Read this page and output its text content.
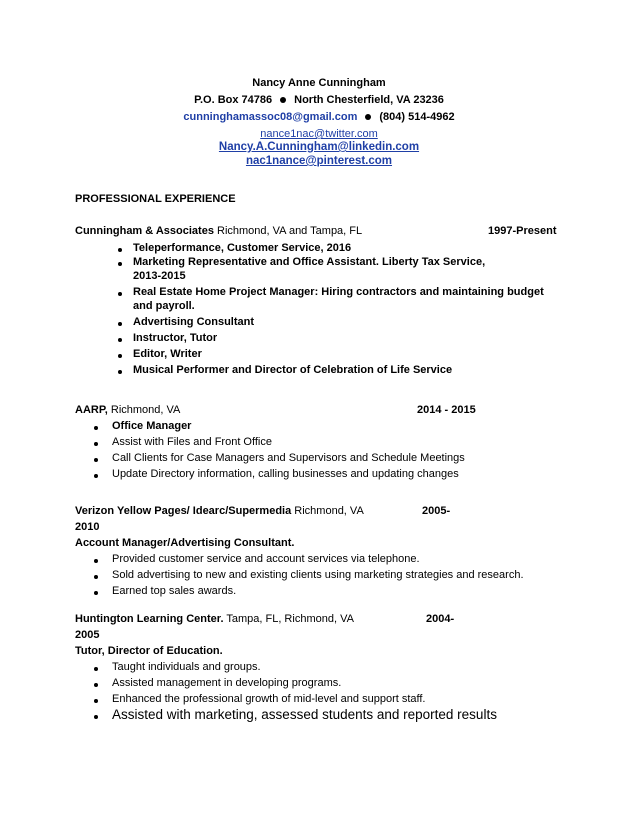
Nancy Anne Cunningham
P.O. Box 74786 North Chesterfield, VA 23236
cunninghamassoc08@gmail.com (804) 514-4962
nance1nac@twitter.com
Nancy.A.Cunningham@linkedin.com
nac1nance@pinterest.com
PROFESSIONAL EXPERIENCE
Cunningham & Associates Richmond, VA and Tampa, FL	1997-Present
Teleperformance, Customer Service, 2016
Marketing Representative and Office Assistant. Liberty Tax Service,
2013-2015
Real Estate Home Project Manager: Hiring contractors and maintaining budget
and payroll.
Advertising Consultant
Instructor, Tutor
Editor, Writer
Musical Performer and Director of Celebration of Life Service
AARP, Richmond, VA	2014 - 2015
Office Manager
Assist with Files and Front Office
Call Clients for Case Managers and Supervisors and Schedule Meetings
Update Directory information, calling businesses and updating changes
Verizon Yellow Pages/ Idearc/Supermedia Richmond, VA	2005-
2010
Account Manager/Advertising Consultant.
Provided customer service and account services via telephone.
Sold advertising to new and existing clients using marketing strategies and research.
Earned top sales awards.
Huntington Learning Center. Tampa, FL, Richmond, VA	2004-
2005
Tutor, Director of Education.
Taught individuals and groups.
Assisted management in developing programs.
Enhanced the professional growth of mid-level and support staff.
Assisted with marketing, assessed students and reported results
